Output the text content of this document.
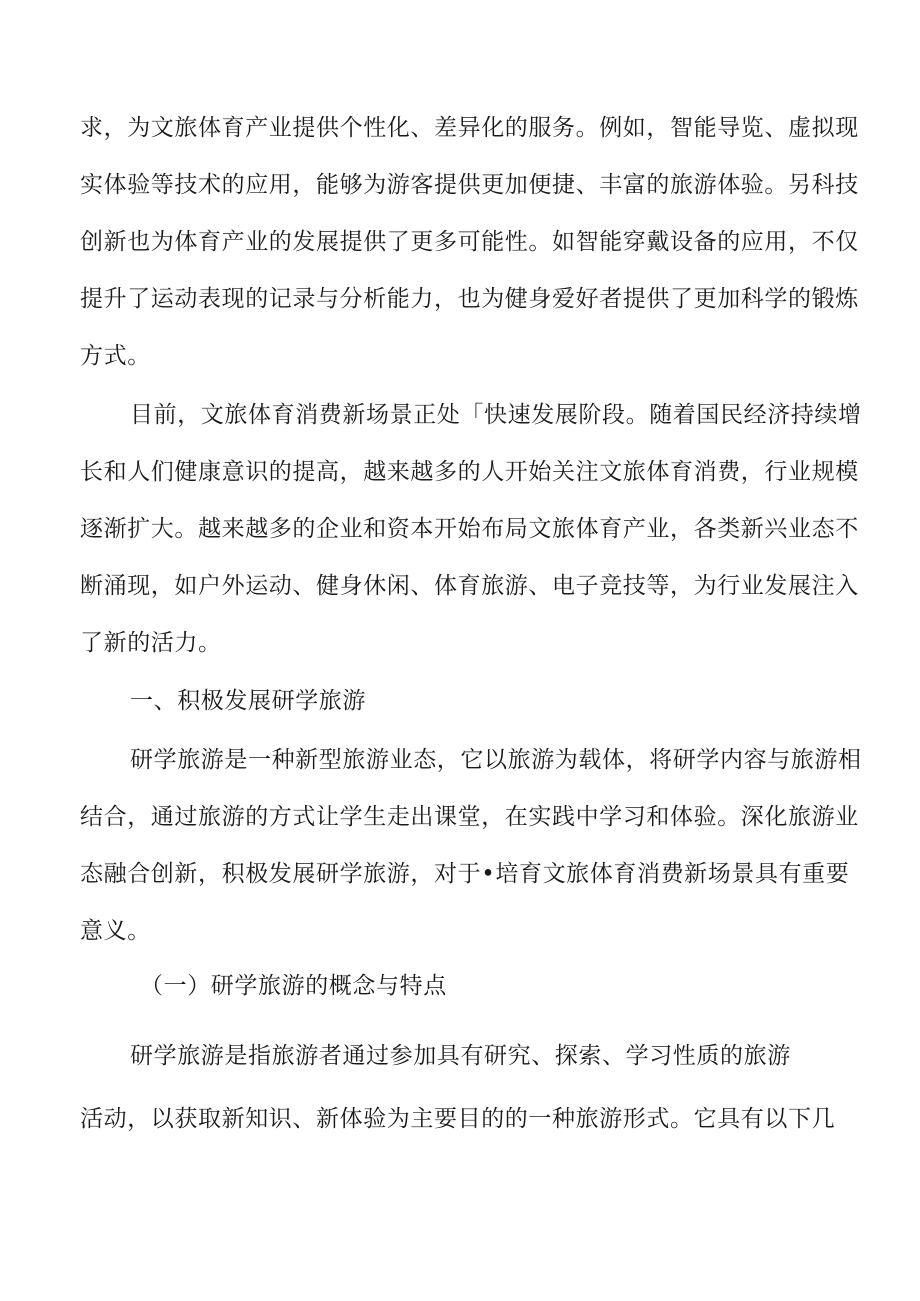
求，为文旅体育产业提供个性化、差异化的服务。例如，智能导览、虚拟现
实体验等技术的应用，能够为游客提供更加便捷、丰富的旅游体验。另科技
创新也为体育产业的发展提供了更多可能性。如智能穿戴设备的应用，不仅
提升了运动表现的记录与分析能力，也为健身爱好者提供了更加科学的锻炼
方式。
目前，文旅体育消费新场景正处「快速发展阶段。随着国民经济持续增
长和人们健康意识的提高，越来越多的人开始关注文旅体育消费，行业规模
逐渐扩大。越来越多的企业和资本开始布局文旅体育产业，各类新兴业态不
断涌现，如户外运动、健身休闲、体育旅游、电子竞技等，为行业发展注入
了新的活力。
一、积极发展研学旅游
研学旅游是一种新型旅游业态，它以旅游为载体，将研学内容与旅游相
结合，通过旅游的方式让学生走出课堂，在实践中学习和体验。深化旅游业
态融合创新，积极发展研学旅游，对于•培育文旅体育消费新场景具有重要
意义。
（一）研学旅游的概念与特点
研学旅游是指旅游者通过参加具有研究、探索、学习性质的旅游
活动，以获取新知识、新体验为主要目的的一种旅游形式。它具有以下几
